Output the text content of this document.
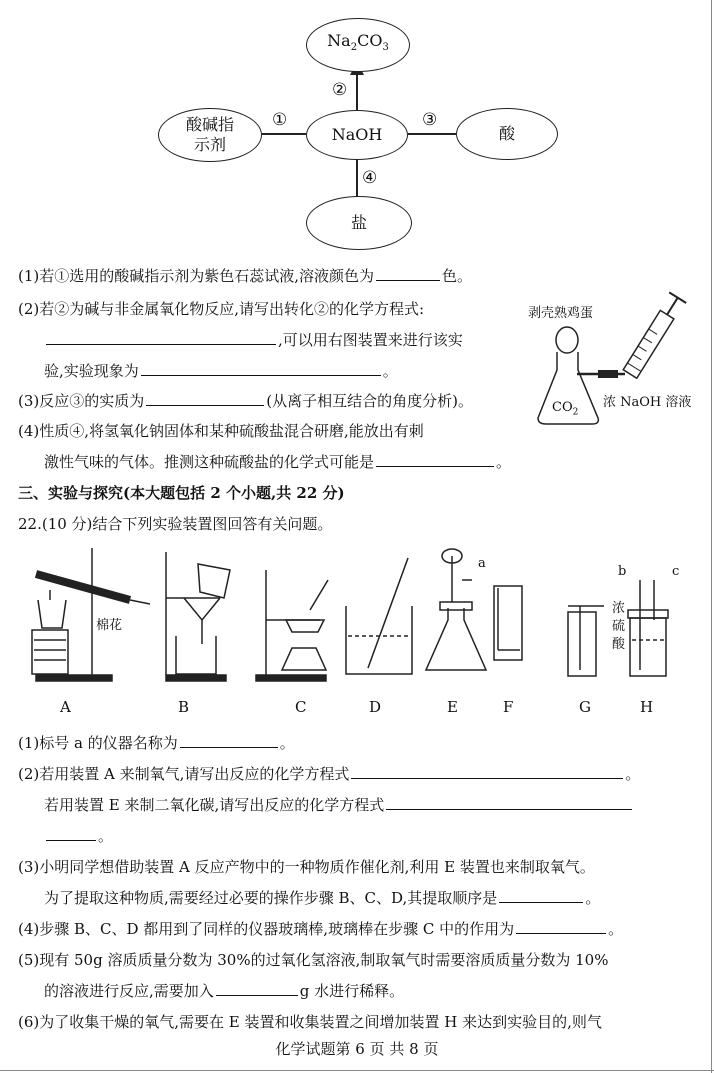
$Na_2CO_3$
NaOH
酸碱指示剂
酸
盐
①
②
③
④
(1)若①选用的酸碱指示剂为紫色石蕊试液,溶液颜色为	色。
(2)若②为碱与非金属氧化物反应,请写出转化②的化学方程式:
,可以用右图装置来进行该实
验,实验现象为	。
(3)反应③的实质为	(从离子相互结合的角度分析)。
(4)性质④,将氢氧化钠固体和某种硫酸盐混合研磨,能放出有刺
激性气味的气体。推测这种硫酸盐的化学式可能是	。
剥壳熟鸡蛋
$CO_2$
浓 NaOH 溶液
三、实验与探究(本大题包括 2 个小题,共 22 分)
22.(10 分)结合下列实验装置图回答有关问题。
棉花
a
b	c
浓硫酸
A	B	C	D	E	F	G	H
(1)标号 a 的仪器名称为	。
(2)若用装置 A 来制氧气,请写出反应的化学方程式	。
若用装置 E 来制二氧化碳,请写出反应的化学方程式
。
(3)小明同学想借助装置 A 反应产物中的一种物质作催化剂,利用 E 装置也来制取氧气。
为了提取这种物质,需要经过必要的操作步骤 B、C、D,其提取顺序是	。
(4)步骤 B、C、D 都用到了同样的仪器玻璃棒,玻璃棒在步骤 C 中的作用为	。
(5)现有 50g 溶质质量分数为 30%的过氧化氢溶液,制取氧气时需要溶质质量分数为 10%
的溶液进行反应,需要加入	g 水进行稀释。
(6)为了收集干燥的氧气,需要在 E 装置和收集装置之间增加装置 H 来达到实验目的,则气
化学试题第 6 页 共 8 页
